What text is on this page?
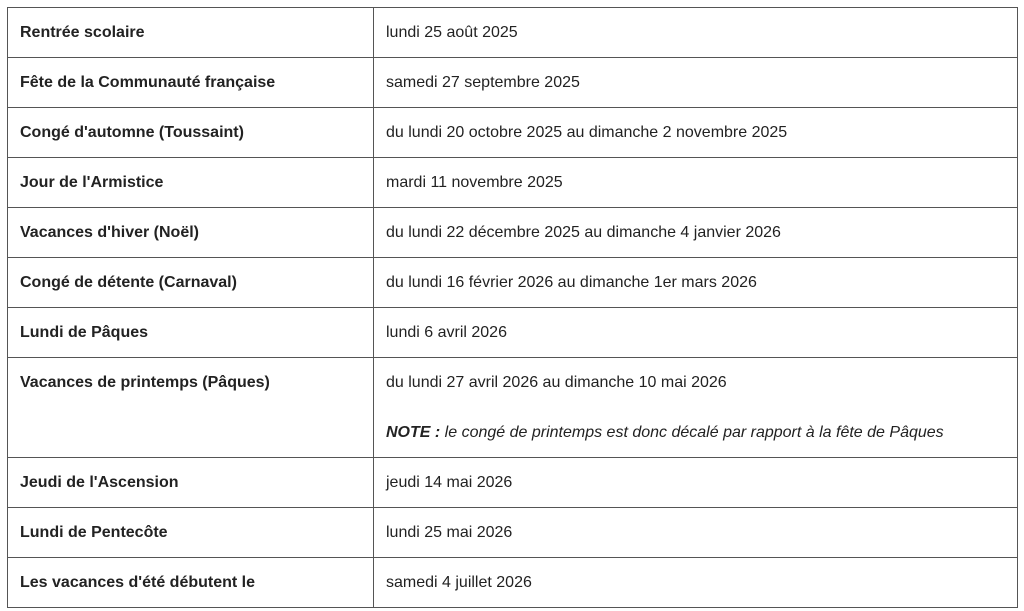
Rentrée scolaire	lundi 25 août 2025
Fête de la Communauté française	samedi 27 septembre 2025
Congé d'automne (Toussaint)	du lundi 20 octobre 2025 au dimanche 2 novembre 2025
Jour de l'Armistice	mardi 11 novembre 2025
Vacances d'hiver (Noël)	du lundi 22 décembre 2025 au dimanche 4 janvier 2026
Congé de détente (Carnaval)	du lundi 16 février 2026 au dimanche 1er mars 2026
Lundi de Pâques	lundi 6 avril 2026
Vacances de printemps (Pâques)	du lundi 27 avril 2026 au dimanche 10 mai 2026
NOTE : le congé de printemps est donc décalé par rapport à la fête de Pâques

Jeudi de l'Ascension	jeudi 14 mai 2026
Lundi de Pentecôte	lundi 25 mai 2026
Les vacances d'été débutent le	samedi 4 juillet 2026
